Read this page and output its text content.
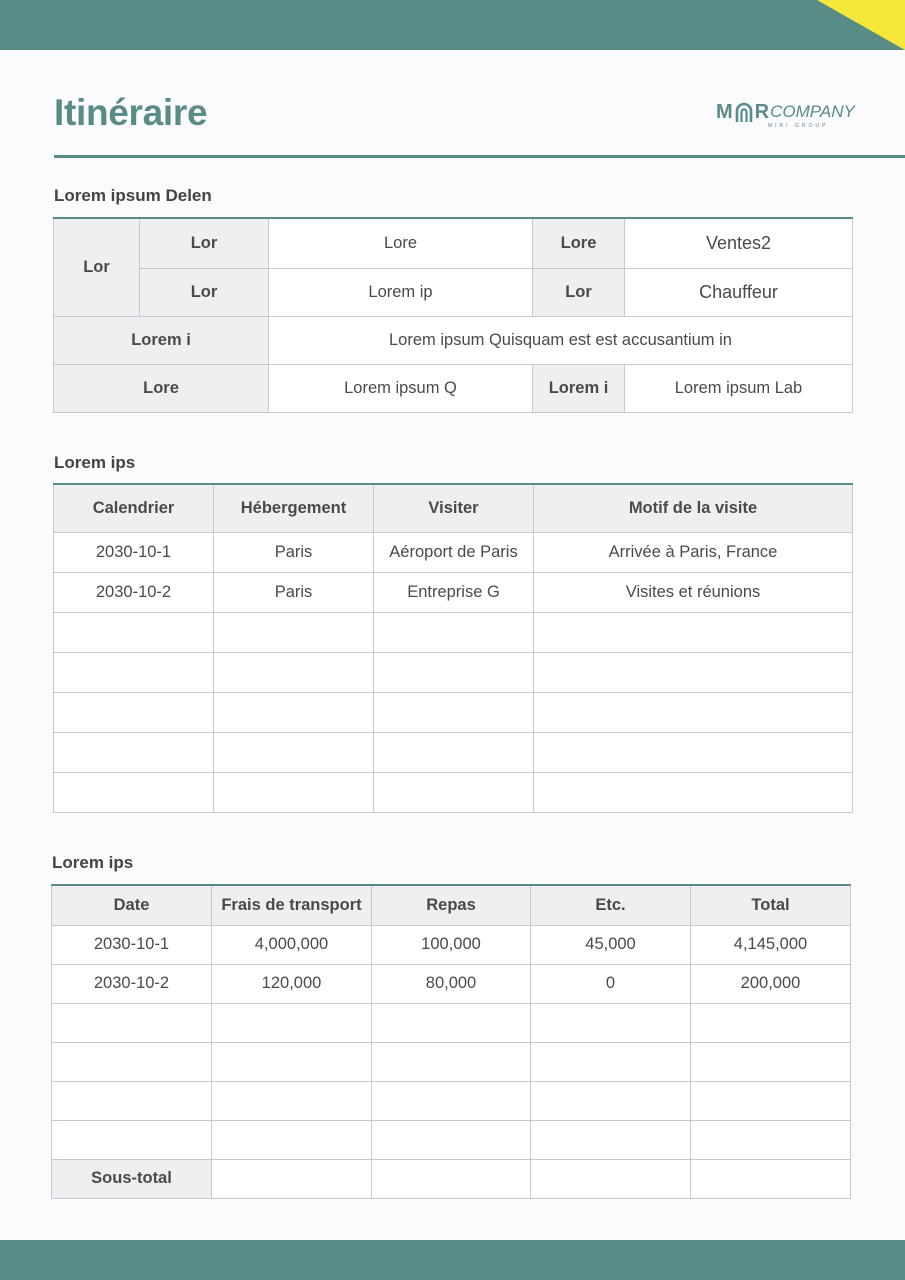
Itinéraire	M R COMPANY
MIRI GROUP
Lorem ipsum Delen
Lor	Lor	Lore	Lore	Ventes2
	Lor	Lorem ip	Lor	Chauffeur
Lorem i		Lorem ipsum Quisquam est est accusantium in		
Lore		Lorem ipsum Q	Lorem i	Lorem ipsum Lab
Lorem ips
Calendrier	Hébergement	Visiter	Motif de la visite
2030-10-1	Paris	Aéroport de Paris	Arrivée à Paris, France
2030-10-2	Paris	Entreprise G	Visites et réunions

Lorem ips
Date	Frais de transport	Repas	Etc.	Total
2030-10-1	4,000,000	100,000	45,000	4,145,000
2030-10-2	120,000	80,000	0	200,000

Sous-total				
